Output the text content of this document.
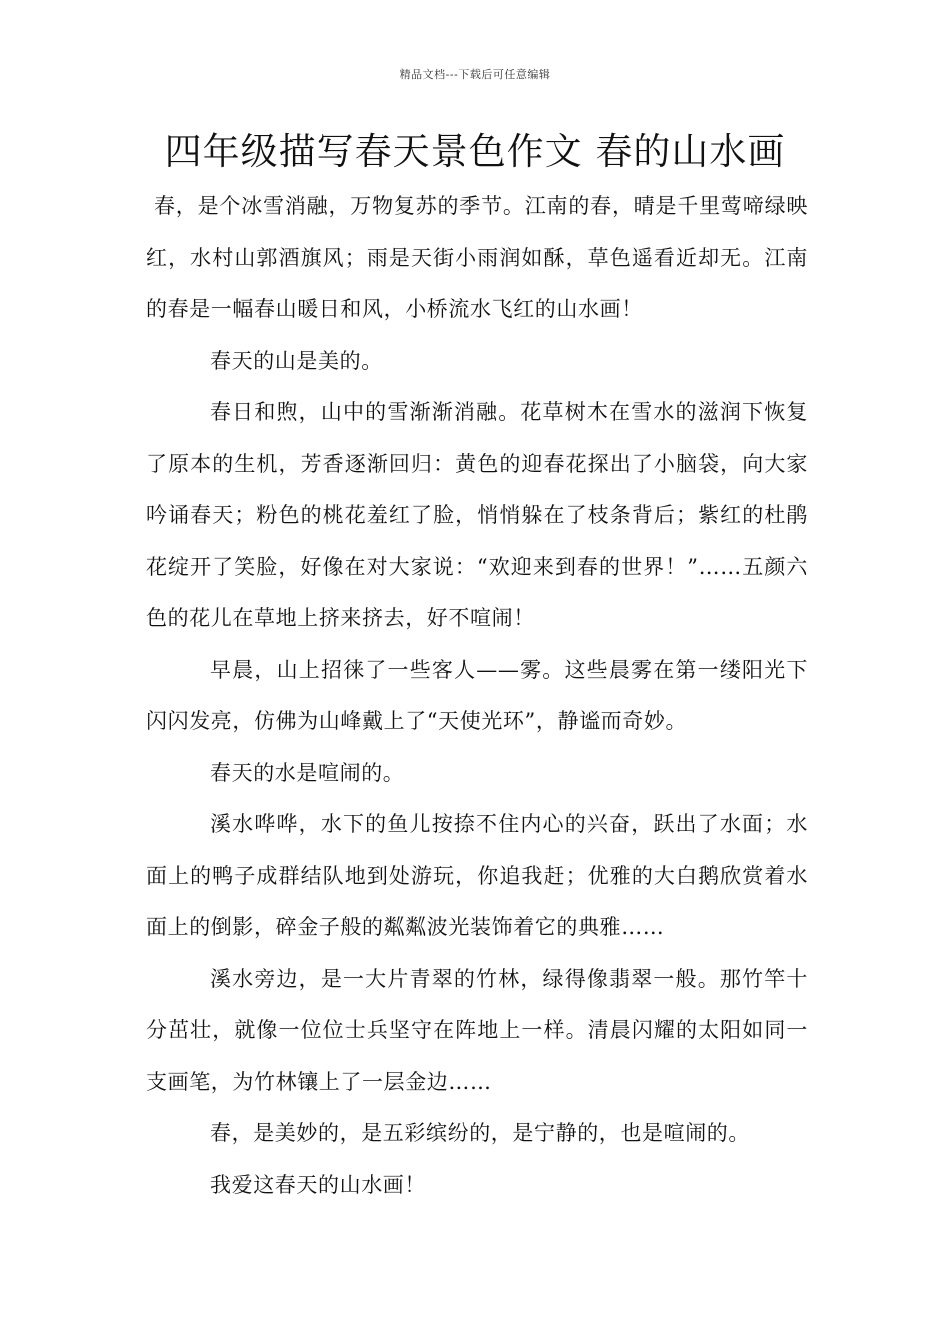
精品文档---下载后可任意编辑
四年级描写春天景色作文 春的山水画

春，是个冰雪消融，万物复苏的季节。江南的春，晴是千里莺啼绿映红，水村山郭酒旗风；雨是天街小雨润如酥，草色遥看近却无。江南的春是一幅春山暖日和风，小桥流水飞红的山水画！

春天的山是美的。

春日和煦，山中的雪渐渐消融。花草树木在雪水的滋润下恢复了原本的生机，芳香逐渐回归：黄色的迎春花探出了小脑袋，向大家吟诵春天；粉色的桃花羞红了脸，悄悄躲在了枝条背后；紫红的杜鹃花绽开了笑脸，好像在对大家说：“欢迎来到春的世界！”……五颜六色的花儿在草地上挤来挤去，好不喧闹！

早晨，山上招徕了一些客人——雾。这些晨雾在第一缕阳光下闪闪发亮，仿佛为山峰戴上了“天使光环”，静谧而奇妙。

春天的水是喧闹的。

溪水哗哗，水下的鱼儿按捺不住内心的兴奋，跃出了水面；水面上的鸭子成群结队地到处游玩，你追我赶；优雅的大白鹅欣赏着水面上的倒影，碎金子般的粼粼波光装饰着它的典雅……

溪水旁边，是一大片青翠的竹林，绿得像翡翠一般。那竹竿十分茁壮，就像一位位士兵坚守在阵地上一样。清晨闪耀的太阳如同一支画笔，为竹林镶上了一层金边……

春，是美妙的，是五彩缤纷的，是宁静的，也是喧闹的。

我爱这春天的山水画！
